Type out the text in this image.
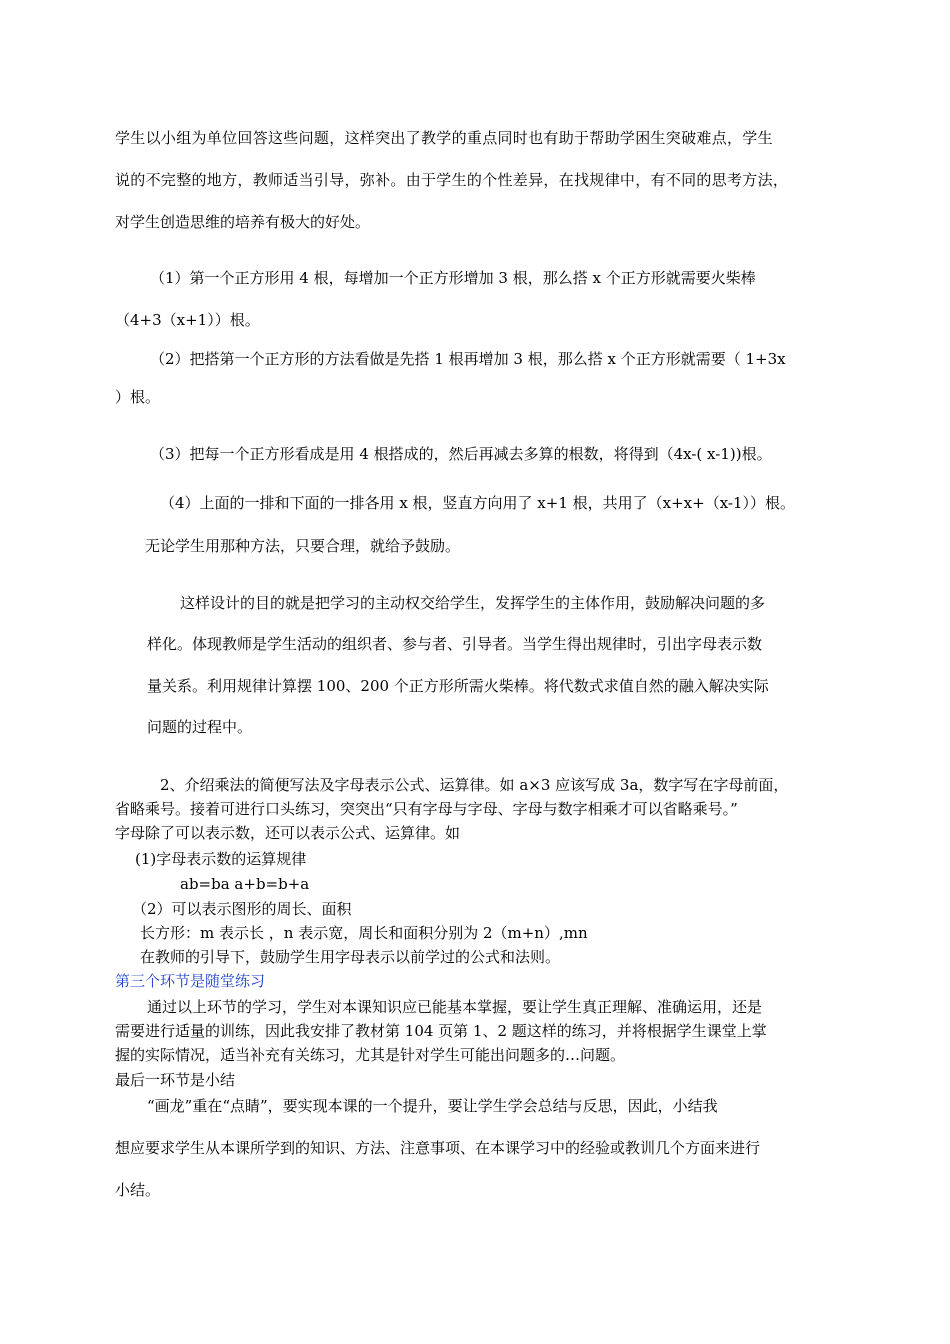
学生以小组为单位回答这些问题，这样突出了教学的重点同时也有助于帮助学困生突破难点，学生

说的不完整的地方，教师适当引导，弥补。由于学生的个性差异，在找规律中，有不同的思考方法，

对学生创造思维的培养有极大的好处。

（1）第一个正方形用 4 根，每增加一个正方形增加 3 根，那么搭 x 个正方形就需要火柴棒

（4+3（x+1））根。

（2）把搭第一个正方形的方法看做是先搭 1 根再增加 3 根，那么搭 x 个正方形就需要（ 1+3x

）根。

（3）把每一个正方形看成是用 4 根搭成的，然后再减去多算的根数，将得到（4x-( x-1))根。

（4）上面的一排和下面的一排各用 x 根，竖直方向用了 x+1 根，共用了（x+x+（x-1））根。

无论学生用那种方法，只要合理，就给予鼓励。

这样设计的目的就是把学习的主动权交给学生，发挥学生的主体作用，鼓励解决问题的多

样化。体现教师是学生活动的组织者、参与者、引导者。当学生得出规律时，引出字母表示数

量关系。利用规律计算摆 100、200 个正方形所需火柴棒。将代数式求值自然的融入解决实际

问题的过程中。

2、介绍乘法的简便写法及字母表示公式、运算律。如 a×3 应该写成 3a，数字写在字母前面，

省略乘号。接着可进行口头练习，突突出“只有字母与字母、字母与数字相乘才可以省略乘号。”

字母除了可以表示数，还可以表示公式、运算律。如

(1)字母表示数的运算规律

ab=ba a+b=b+a

（2）可以表示图形的周长、面积

长方形：m 表示长 ，n 表示宽，周长和面积分别为 2（m+n）,mn

在教师的引导下，鼓励学生用字母表示以前学过的公式和法则。

第三个环节是随堂练习

通过以上环节的学习，学生对本课知识应已能基本掌握，要让学生真正理解、准确运用，还是

需要进行适量的训练，因此我安排了教材第 104 页第 1、2 题这样的练习，并将根据学生课堂上掌

握的实际情况，适当补充有关练习，尤其是针对学生可能出问题多的…问题。

最后一环节是小结

“画龙”重在“点睛”，要实现本课的一个提升，要让学生学会总结与反思，因此，小结我

想应要求学生从本课所学到的知识、方法、注意事项、在本课学习中的经验或教训几个方面来进行

小结。
